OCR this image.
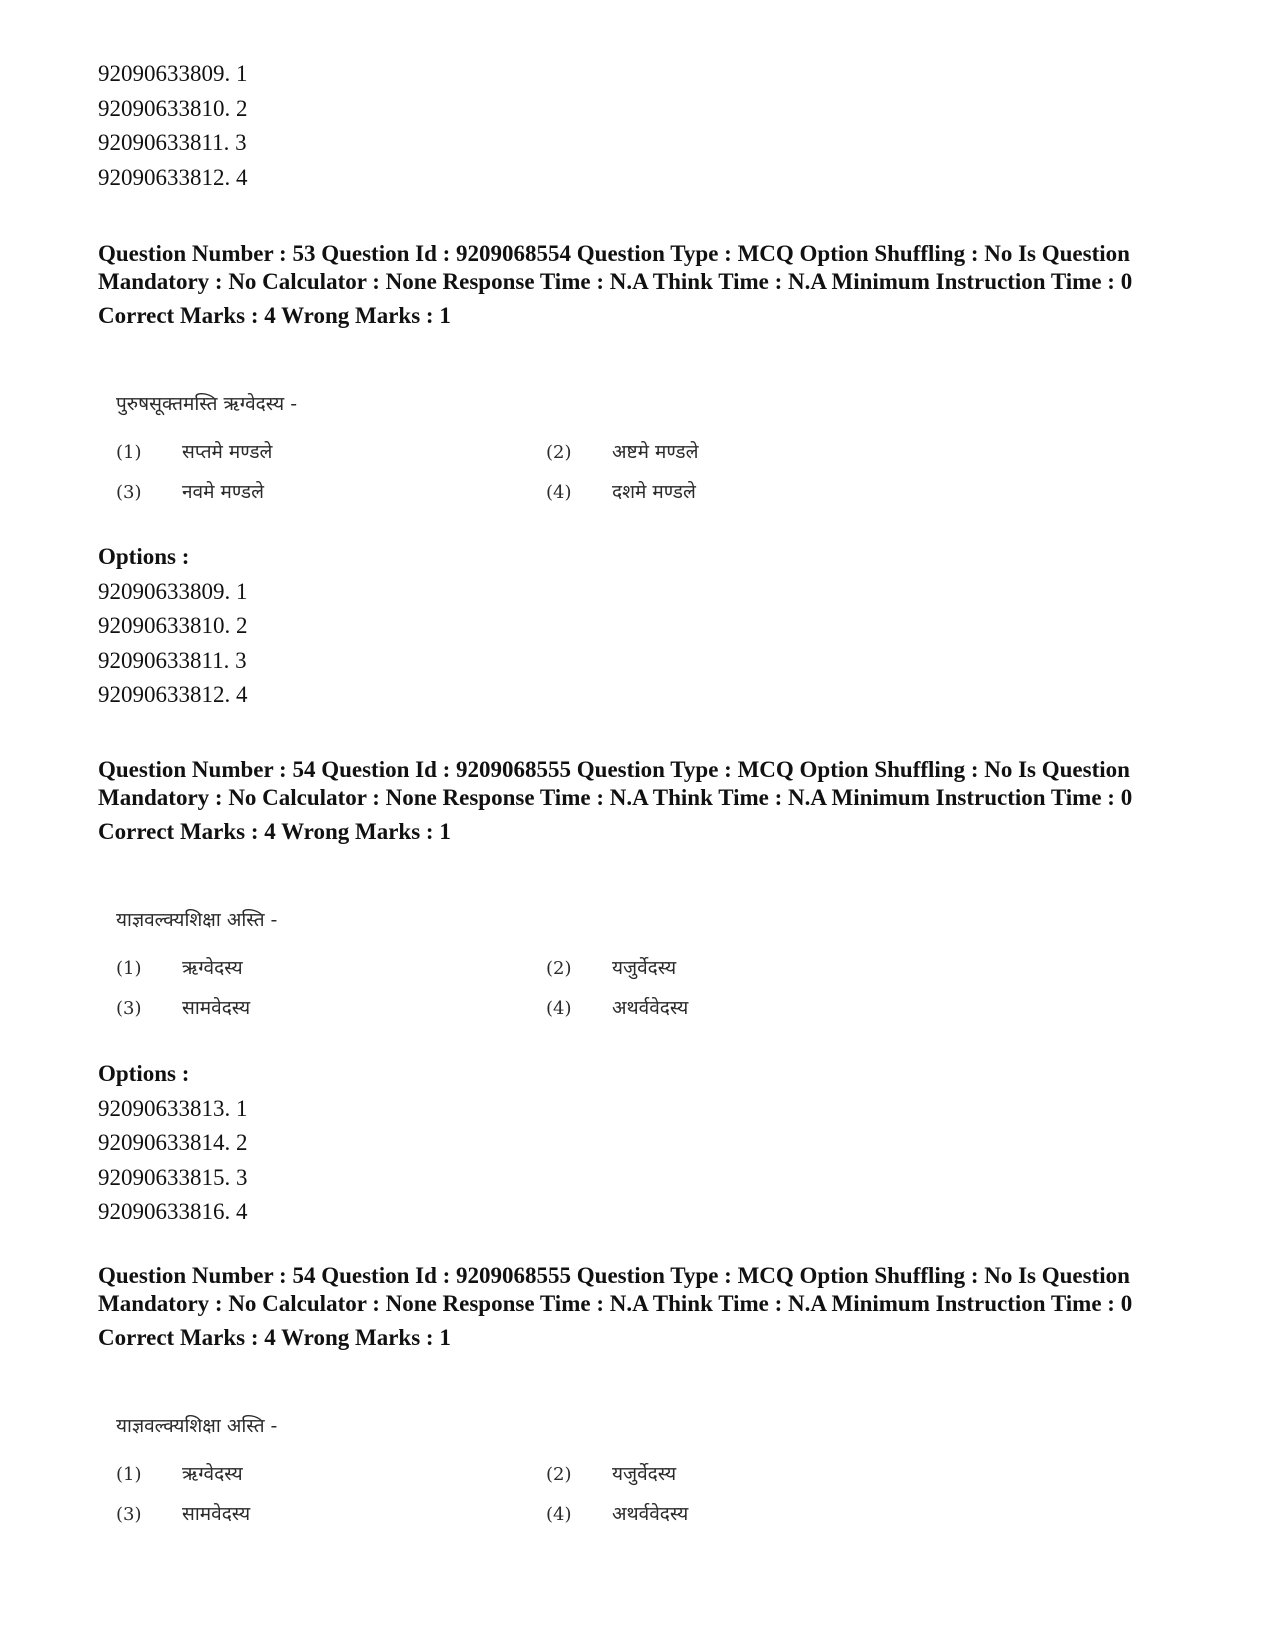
92090633809. 1
92090633810. 2
92090633811. 3
92090633812. 4
Question Number : 53 Question Id : 9209068554 Question Type : MCQ Option Shuffling : No Is Question Mandatory : No Calculator : None Response Time : N.A Think Time : N.A Minimum Instruction Time : 0
Correct Marks : 4 Wrong Marks : 1
पुरुषसूक्तमस्ति ऋग्वेदस्य -
(1) सप्तमे मण्डले	(2) अष्टमे मण्डले
(3) नवमे मण्डले	(4) दशमे मण्डले
Options :
92090633809. 1
92090633810. 2
92090633811. 3
92090633812. 4
Question Number : 54 Question Id : 9209068555 Question Type : MCQ Option Shuffling : No Is Question Mandatory : No Calculator : None Response Time : N.A Think Time : N.A Minimum Instruction Time : 0
Correct Marks : 4 Wrong Marks : 1
याज्ञवल्क्यशिक्षा अस्ति -
(1) ऋग्वेदस्य	(2) यजुर्वेदस्य
(3) सामवेदस्य	(4) अथर्ववेदस्य
Options :
92090633813. 1
92090633814. 2
92090633815. 3
92090633816. 4
Question Number : 54 Question Id : 9209068555 Question Type : MCQ Option Shuffling : No Is Question Mandatory : No Calculator : None Response Time : N.A Think Time : N.A Minimum Instruction Time : 0
Correct Marks : 4 Wrong Marks : 1
याज्ञवल्क्यशिक्षा अस्ति -
(1) ऋग्वेदस्य	(2) यजुर्वेदस्य
(3) सामवेदस्य	(4) अथर्ववेदस्य
